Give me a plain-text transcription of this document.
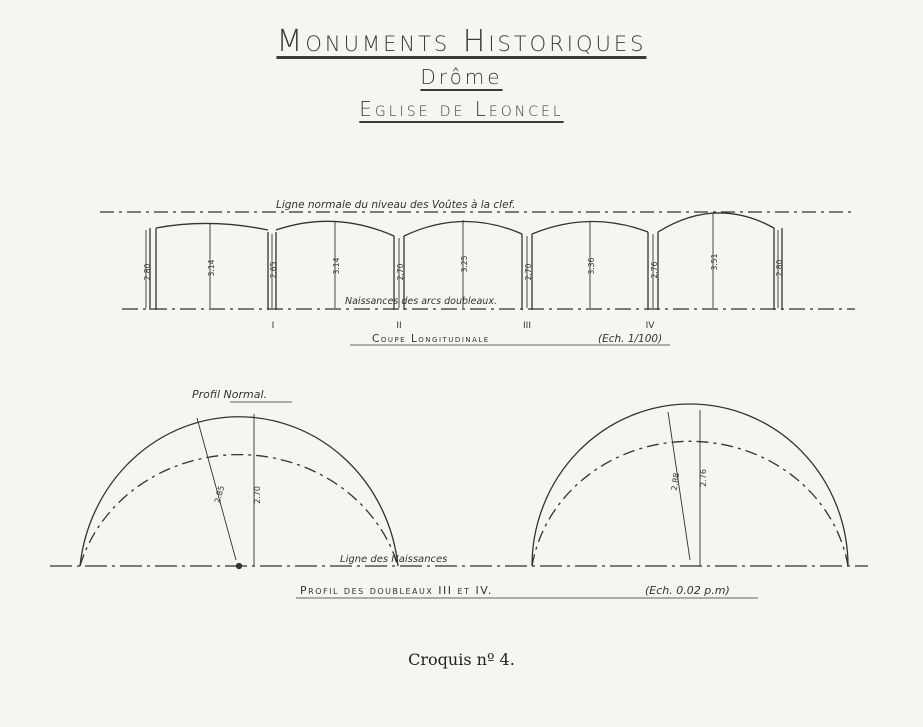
Monuments Historiques
Drôme
Eglise de Leoncel
Ligne normale du niveau des Voûtes à la clef.
Naissances des arcs doubleaux.
Coupe Longitudinale	(Ech. 1/100)
I	II	III	IV
2.80	3.14	2.65	3.14	2.70	3.25	2.70	3.36	2.76	3.51	2.80
Profil Normal.
Ligne des Naissances
Profil des doubleaux III et IV.	(Ech. 0.02 p.m)
2.85	2.70
2.88 2.76
Croquis nº 4.
